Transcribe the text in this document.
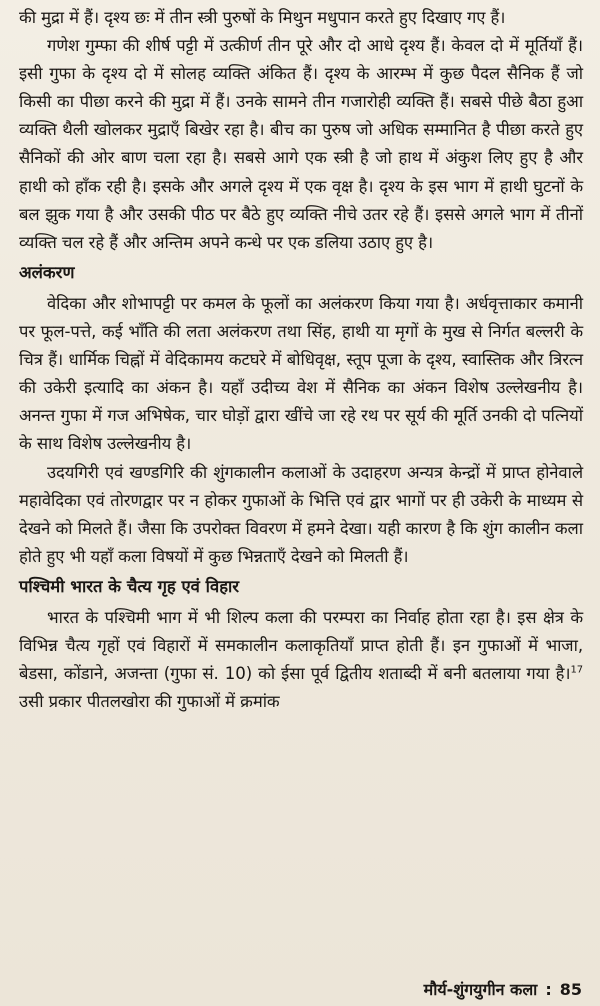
की मुद्रा में हैं। दृश्य छः में तीन स्त्री पुरुषों के मिथुन मधुपान करते हुए दिखाए गए हैं।

गणेश गुम्फा की शीर्ष पट्टी में उत्कीर्ण तीन पूरे और दो आधे दृश्य हैं। केवल दो में मूर्तियाँ हैं। इसी गुफा के दृश्य दो में सोलह व्यक्ति अंकित हैं। दृश्य के आरम्भ में कुछ पैदल सैनिक हैं जो किसी का पीछा करने की मुद्रा में हैं। उनके सामने तीन गजारोही व्यक्ति हैं। सबसे पीछे बैठा हुआ व्यक्ति थैली खोलकर मुद्राएँ बिखेर रहा है। बीच का पुरुष जो अधिक सम्मानित है पीछा करते हुए सैनिकों की ओर बाण चला रहा है। सबसे आगे एक स्त्री है जो हाथ में अंकुश लिए हुए है और हाथी को हाँक रही है। इसके और अगले दृश्य में एक वृक्ष है। दृश्य के इस भाग में हाथी घुटनों के बल झुक गया है और उसकी पीठ पर बैठे हुए व्यक्ति नीचे उतर रहे हैं। इससे अगले भाग में तीनों व्यक्ति चल रहे हैं और अन्तिम अपने कन्धे पर एक डलिया उठाए हुए है।

अलंकरण

वेदिका और शोभापट्टी पर कमल के फूलों का अलंकरण किया गया है। अर्धवृत्ताकार कमानी पर फूल-पत्ते, कई भाँति की लता अलंकरण तथा सिंह, हाथी या मृगों के मुख से निर्गत बल्लरी के चित्र हैं। धार्मिक चिह्नों में वेदिकामय कटघरे में बोधिवृक्ष, स्तूप पूजा के दृश्य, स्वास्तिक और त्रिरत्न की उकेरी इत्यादि का अंकन है। यहाँ उदीच्य वेश में सैनिक का अंकन विशेष उल्लेखनीय है। अनन्त गुफा में गज अभिषेक, चार घोड़ों द्वारा खींचे जा रहे रथ पर सूर्य की मूर्ति उनकी दो पत्नियों के साथ विशेष उल्लेखनीय है।

उदयगिरी एवं खण्डगिरि की शुंगकालीन कलाओं के उदाहरण अन्यत्र केन्द्रों में प्राप्त होनेवाले महावेदिका एवं तोरणद्वार पर न होकर गुफाओं के भित्ति एवं द्वार भागों पर ही उकेरी के माध्यम से देखने को मिलते हैं। जैसा कि उपरोक्त विवरण में हमने देखा। यही कारण है कि शुंग कालीन कला होते हुए भी यहाँ कला विषयों में कुछ भिन्नताएँ देखने को मिलती हैं।

पश्चिमी भारत के चैत्य गृह एवं विहार

भारत के पश्चिमी भाग में भी शिल्प कला की परम्परा का निर्वाह होता रहा है। इस क्षेत्र के विभिन्न चैत्य गृहों एवं विहारों में समकालीन कलाकृतियाँ प्राप्त होती हैं। इन गुफाओं में भाजा, बेडसा, कोंडाने, अजन्ता (गुफा सं. 10) को ईसा पूर्व द्वितीय शताब्दी में बनी बतलाया गया है।$^{17}$ उसी प्रकार पीतलखोरा की गुफाओं में क्रमांक

मौर्य-शुंगयुगीन कला : 85
